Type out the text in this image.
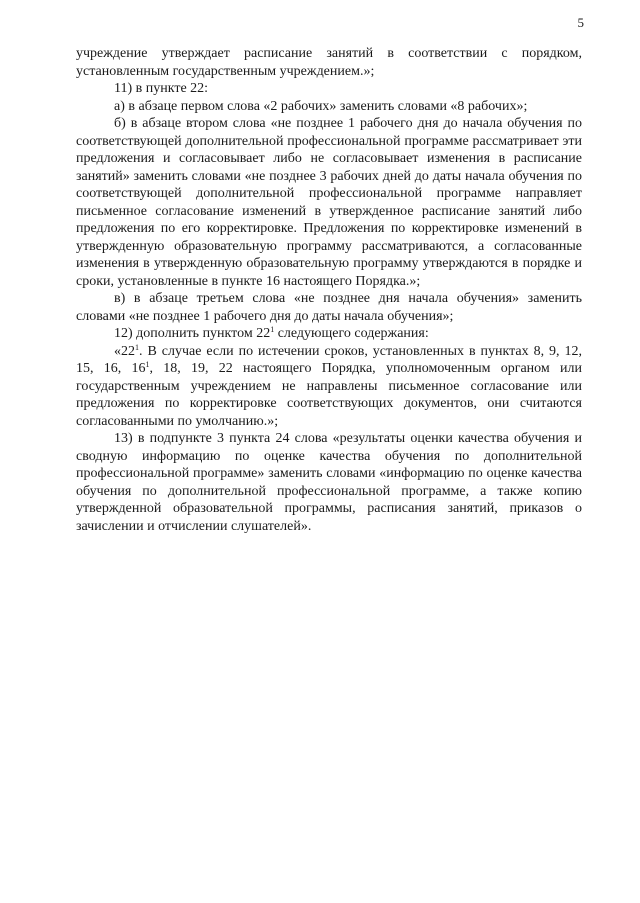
5

учреждение утверждает расписание занятий в соответствии с порядком, установленным государственным учреждением.»;

11) в пункте 22:

а) в абзаце первом слова «2 рабочих» заменить словами «8 рабочих»;

б) в абзаце втором слова «не позднее 1 рабочего дня до начала обучения по соответствующей дополнительной профессиональной программе рассматривает эти предложения и согласовывает либо не согласовывает изменения в расписание занятий» заменить словами «не позднее 3 рабочих дней до даты начала обучения по соответствующей дополнительной профессиональной программе направляет письменное согласование изменений в утвержденное расписание занятий либо предложения по его корректировке. Предложения по корректировке изменений в утвержденную образовательную программу рассматриваются, а согласованные изменения в утвержденную образовательную программу утверждаются в порядке и сроки, установленные в пункте 16 настоящего Порядка.»;

в) в абзаце третьем слова «не позднее дня начала обучения» заменить словами «не позднее 1 рабочего дня до даты начала обучения»;

12) дополнить пунктом $22^1$ следующего содержания:

«$22^1$. В случае если по истечении сроков, установленных в пунктах 8, 9, 12, 15, 16, $16^1$, 18, 19, 22 настоящего Порядка, уполномоченным органом или государственным учреждением не направлены письменное согласование или предложения по корректировке соответствующих документов, они считаются согласованными по умолчанию.»;

13) в подпункте 3 пункта 24 слова «результаты оценки качества обучения и сводную информацию по оценке качества обучения по дополнительной профессиональной программе» заменить словами «информацию по оценке качества обучения по дополнительной профессиональной программе, а также копию утвержденной образовательной программы, расписания занятий, приказов о зачислении и отчислении слушателей».
